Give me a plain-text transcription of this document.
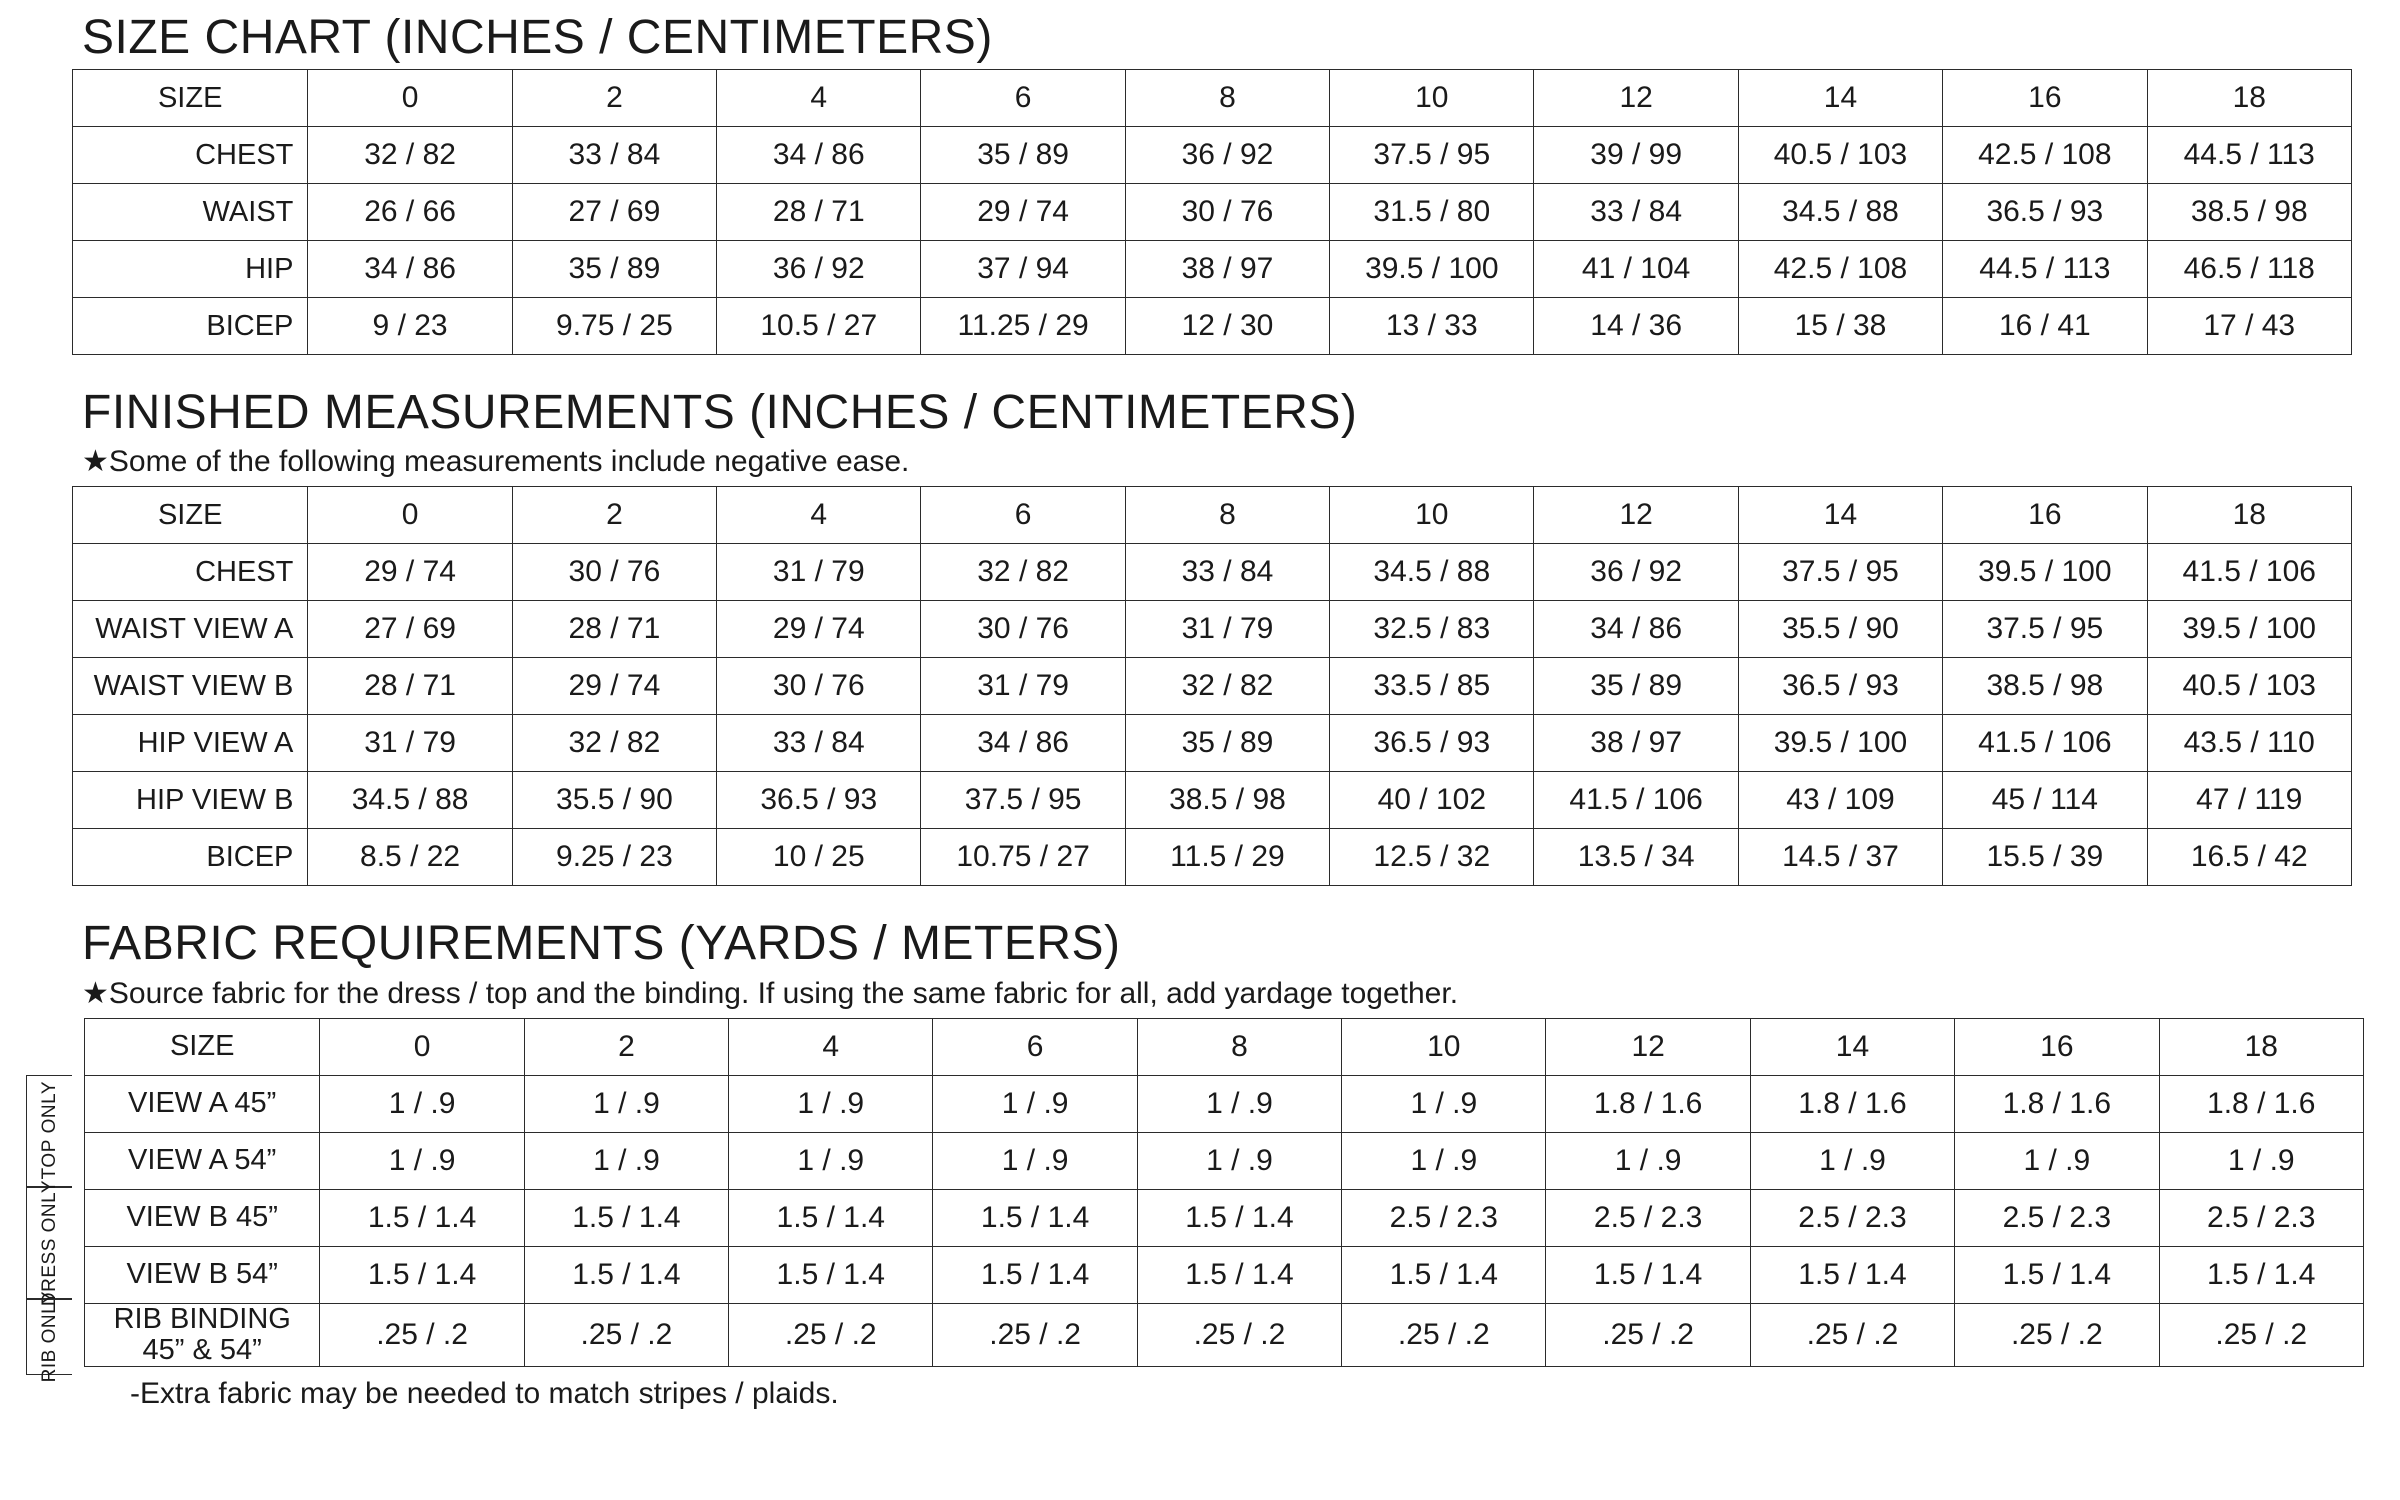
SIZE CHART (INCHES / CENTIMETERS)
SIZE	0	2	4	6	8	10	12	14	16	18
CHEST	32 / 82	33 / 84	34 / 86	35 / 89	36 / 92	37.5 / 95	39 / 99	40.5 / 103	42.5 / 108	44.5 / 113
WAIST	26 / 66	27 / 69	28 / 71	29 / 74	30 / 76	31.5 / 80	33 / 84	34.5 / 88	36.5 / 93	38.5 / 98
HIP	34 / 86	35 / 89	36 / 92	37 / 94	38 / 97	39.5 / 100	41 / 104	42.5 / 108	44.5 / 113	46.5 / 118
BICEP	9 / 23	9.75 / 25	10.5 / 27	11.25 / 29	12 / 30	13 / 33	14 / 36	15 / 38	16 / 41	17 / 43
FINISHED MEASUREMENTS (INCHES / CENTIMETERS)

★Some of the following measurements include negative ease.

SIZE	0	2	4	6	8	10	12	14	16	18
CHEST	29 / 74	30 / 76	31 / 79	32 / 82	33 / 84	34.5 / 88	36 / 92	37.5 / 95	39.5 / 100	41.5 / 106
WAIST VIEW A	27 / 69	28 / 71	29 / 74	30 / 76	31 / 79	32.5 / 83	34 / 86	35.5 / 90	37.5 / 95	39.5 / 100
WAIST VIEW B	28 / 71	29 / 74	30 / 76	31 / 79	32 / 82	33.5 / 85	35 / 89	36.5 / 93	38.5 / 98	40.5 / 103
HIP VIEW A	31 / 79	32 / 82	33 / 84	34 / 86	35 / 89	36.5 / 93	38 / 97	39.5 / 100	41.5 / 106	43.5 / 110
HIP VIEW B	34.5 / 88	35.5 / 90	36.5 / 93	37.5 / 95	38.5 / 98	40 / 102	41.5 / 106	43 / 109	45 / 114	47 / 119
BICEP	8.5 / 22	9.25 / 23	10 / 25	10.75 / 27	11.5 / 29	12.5 / 32	13.5 / 34	14.5 / 37	15.5 / 39	16.5 / 42
FABRIC REQUIREMENTS (YARDS / METERS)

★Source fabric for the dress / top and the binding. If using the same fabric for all, add yardage together.

TOP ONLY
DRESS ONLY
RIB ONLY
SIZE	0	2	4	6	8	10	12	14	16	18
VIEW A 45”	1 / .9	1 / .9	1 / .9	1 / .9	1 / .9	1 / .9	1.8 / 1.6	1.8 / 1.6	1.8 / 1.6	1.8 / 1.6
VIEW A 54”	1 / .9	1 / .9	1 / .9	1 / .9	1 / .9	1 / .9	1 / .9	1 / .9	1 / .9	1 / .9
VIEW B 45”	1.5 / 1.4	1.5 / 1.4	1.5 / 1.4	1.5 / 1.4	1.5 / 1.4	2.5 / 2.3	2.5 / 2.3	2.5 / 2.3	2.5 / 2.3	2.5 / 2.3
VIEW B 54”	1.5 / 1.4	1.5 / 1.4	1.5 / 1.4	1.5 / 1.4	1.5 / 1.4	1.5 / 1.4	1.5 / 1.4	1.5 / 1.4	1.5 / 1.4	1.5 / 1.4

RIB BINDING
45” & 54”	.25 / .2	.25 / .2	.25 / .2	.25 / .2	.25 / .2	.25 / .2	.25 / .2	.25 / .2	.25 / .2	.25 / .2

-Extra fabric may be needed to match stripes / plaids.
